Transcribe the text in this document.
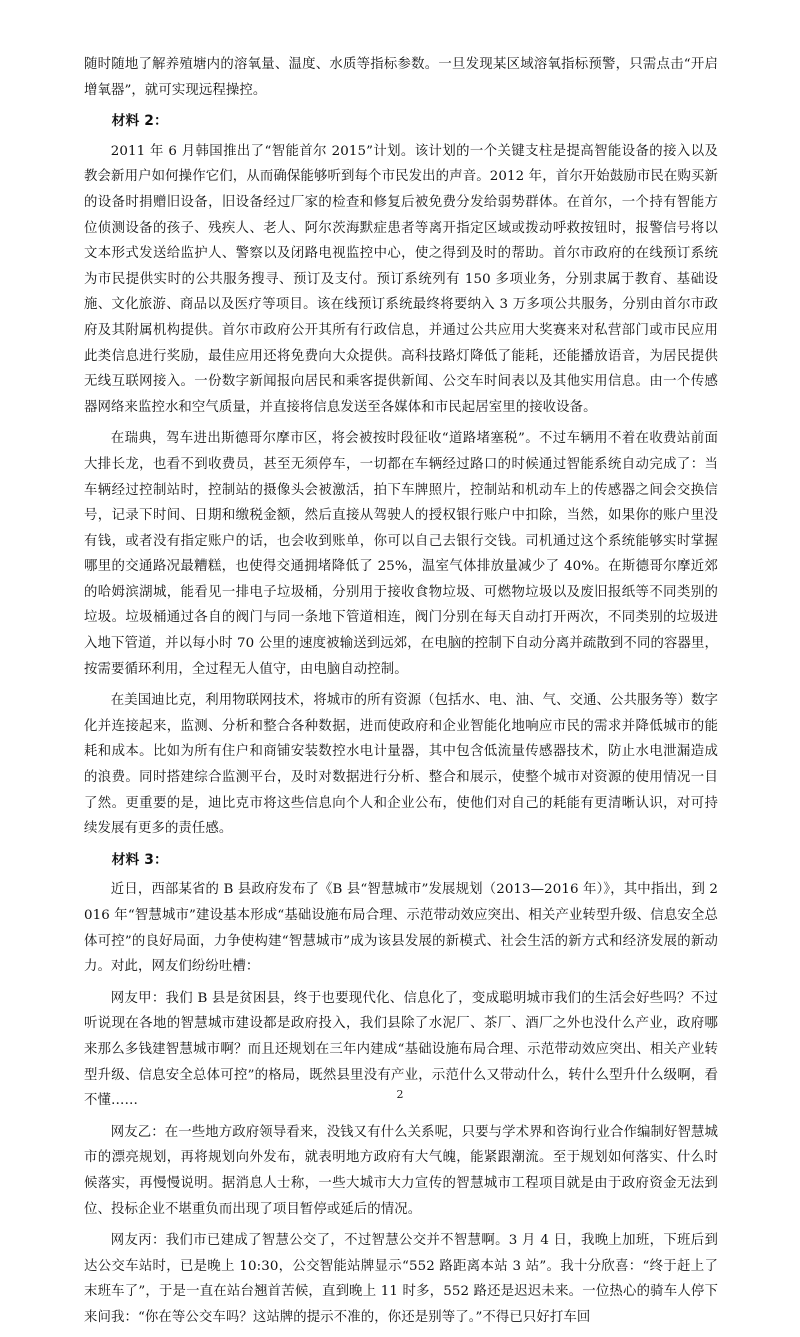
随时随地了解养殖塘内的溶氧量、温度、水质等指标参数。一旦发现某区域溶氧指标预警，只需点击“开启增氧器”，就可实现远程操控。

材料 2：

2011 年 6 月韩国推出了“智能首尔 2015”计划。该计划的一个关键支柱是提高智能设备的接入以及教会新用户如何操作它们，从而确保能够听到每个市民发出的声音。2012 年，首尔开始鼓励市民在购买新的设备时捐赠旧设备，旧设备经过厂家的检查和修复后被免费分发给弱势群体。在首尔，一个持有智能方位侦测设备的孩子、残疾人、老人、阿尔茨海默症患者等离开指定区域或拨动呼救按钮时，报警信号将以文本形式发送给监护人、警察以及闭路电视监控中心，使之得到及时的帮助。首尔市政府的在线预订系统为市民提供实时的公共服务搜寻、预订及支付。预订系统列有 150 多项业务，分别隶属于教育、基础设施、文化旅游、商品以及医疗等项目。该在线预订系统最终将要纳入 3 万多项公共服务，分别由首尔市政府及其附属机构提供。首尔市政府公开其所有行政信息，并通过公共应用大奖赛来对私营部门或市民应用此类信息进行奖励，最佳应用还将免费向大众提供。高科技路灯降低了能耗，还能播放语音，为居民提供无线互联网接入。一份数字新闻报向居民和乘客提供新闻、公交车时间表以及其他实用信息。由一个传感器网络来监控水和空气质量，并直接将信息发送至各媒体和市民起居室里的接收设备。

在瑞典，驾车进出斯德哥尔摩市区，将会被按时段征收“道路堵塞税”。不过车辆用不着在收费站前面大排长龙，也看不到收费员，甚至无须停车，一切都在车辆经过路口的时候通过智能系统自动完成了：当车辆经过控制站时，控制站的摄像头会被激活，拍下车牌照片，控制站和机动车上的传感器之间会交换信号，记录下时间、日期和缴税金额，然后直接从驾驶人的授权银行账户中扣除，当然，如果你的账户里没有钱，或者没有指定账户的话，也会收到账单，你可以自己去银行交钱。司机通过这个系统能够实时掌握哪里的交通路况最糟糕，也使得交通拥堵降低了 25%，温室气体排放量减少了 40%。在斯德哥尔摩近郊的哈姆滨湖城，能看见一排电子垃圾桶，分别用于接收食物垃圾、可燃物垃圾以及废旧报纸等不同类别的垃圾。垃圾桶通过各自的阀门与同一条地下管道相连，阀门分别在每天自动打开两次，不同类别的垃圾进入地下管道，并以每小时 70 公里的速度被输送到远郊，在电脑的控制下自动分离并疏散到不同的容器里，按需要循环利用，全过程无人值守，由电脑自动控制。

在美国迪比克，利用物联网技术，将城市的所有资源（包括水、电、油、气、交通、公共服务等）数字化并连接起来，监测、分析和整合各种数据，进而使政府和企业智能化地响应市民的需求并降低城市的能耗和成本。比如为所有住户和商铺安装数控水电计量器，其中包含低流量传感器技术，防止水电泄漏造成的浪费。同时搭建综合监测平台，及时对数据进行分析、整合和展示，使整个城市对资源的使用情况一目了然。更重要的是，迪比克市将这些信息向个人和企业公布，使他们对自己的耗能有更清晰认识，对可持续发展有更多的责任感。

材料 3：

近日，西部某省的 B 县政府发布了《B 县“智慧城市”发展规划（2013—2016 年）》，其中指出，到 2016 年“智慧城市”建设基本形成“基础设施布局合理、示范带动效应突出、相关产业转型升级、信息安全总体可控”的良好局面，力争使构建“智慧城市”成为该县发展的新模式、社会生活的新方式和经济发展的新动力。对此，网友们纷纷吐槽：

网友甲：我们 B 县是贫困县，终于也要现代化、信息化了，变成聪明城市我们的生活会好些吗？不过听说现在各地的智慧城市建设都是政府投入，我们县除了水泥厂、茶厂、酒厂之外也没什么产业，政府哪来那么多钱建智慧城市啊？而且还规划在三年内建成“基础设施布局合理、示范带动效应突出、相关产业转型升级、信息安全总体可控”的格局，既然县里没有产业，示范什么又带动什么，转什么型升什么级啊，看不懂……

网友乙：在一些地方政府领导看来，没钱又有什么关系呢，只要与学术界和咨询行业合作编制好智慧城市的漂亮规划，再将规划向外发布，就表明地方政府有大气魄，能紧跟潮流。至于规划如何落实、什么时候落实，再慢慢说明。据消息人士称，一些大城市大力宣传的智慧城市工程项目就是由于政府资金无法到位、投标企业不堪重负而出现了项目暂停或延后的情况。

网友丙：我们市已建成了智慧公交了，不过智慧公交并不智慧啊。3 月 4 日，我晚上加班，下班后到达公交车站时，已是晚上 10:30，公交智能站牌显示“552 路距离本站 3 站”。我十分欣喜：“终于赶上了末班车了”，于是一直在站台翘首苦候，直到晚上 11 时多，552 路还是迟迟未来。一位热心的骑车人停下来问我：“你在等公交车吗？这站牌的提示不准的，你还是别等了。”不得已只好打车回

2
